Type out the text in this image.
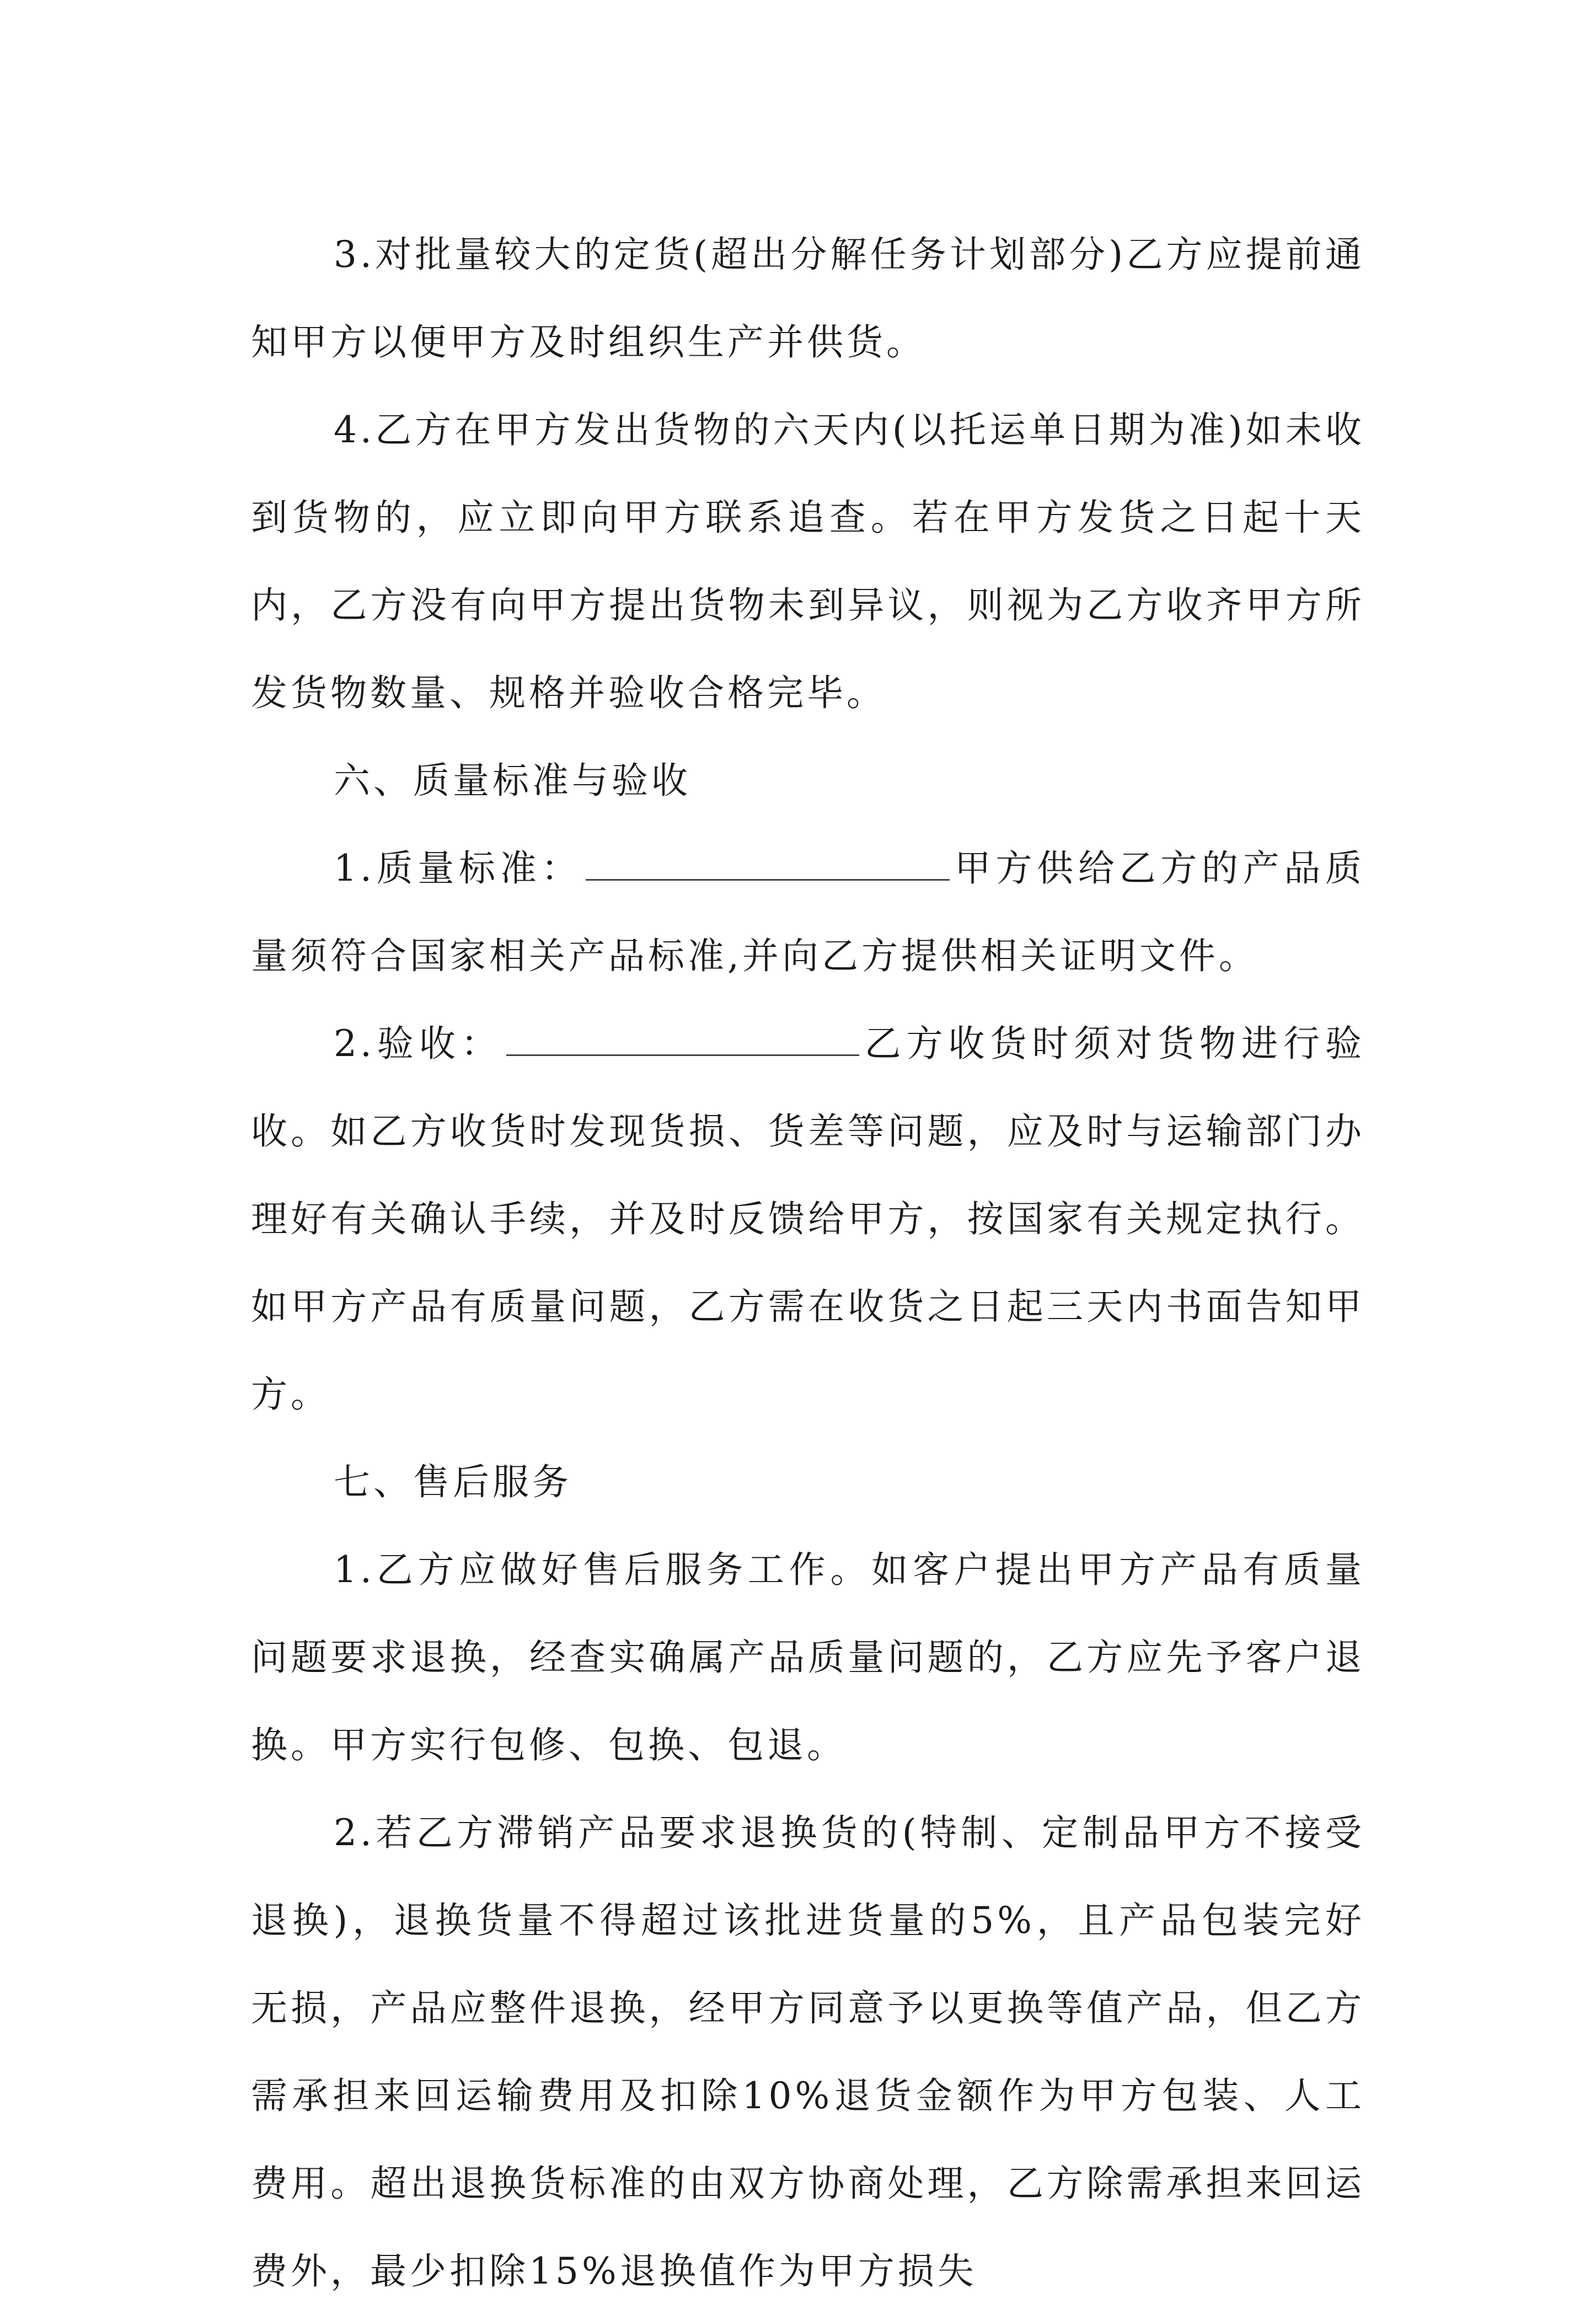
3.对批量较大的定货(超出分解任务计划部分)乙方应提前通知甲方以便甲方及时组织生产并供货。

4.乙方在甲方发出货物的六天内(以托运单日期为准)如未收到货物的，应立即向甲方联系追查。若在甲方发货之日起十天内，乙方没有向甲方提出货物未到异议，则视为乙方收齐甲方所发货物数量、规格并验收合格完毕。

六、质量标准与验收

1.质量标准：	甲方供给乙方的产品质量须符合国家相关产品标准,并向乙方提供相关证明文件。

2.验收：	乙方收货时须对货物进行验收。如乙方收货时发现货损、货差等问题，应及时与运输部门办理好有关确认手续，并及时反馈给甲方，按国家有关规定执行。如甲方产品有质量问题，乙方需在收货之日起三天内书面告知甲方。

七、售后服务

1.乙方应做好售后服务工作。如客户提出甲方产品有质量问题要求退换，经查实确属产品质量问题的，乙方应先予客户退换。甲方实行包修、包换、包退。

2.若乙方滞销产品要求退换货的(特制、定制品甲方不接受退换)，退换货量不得超过该批进货量的5%，且产品包装完好无损，产品应整件退换，经甲方同意予以更换等值产品，但乙方需承担来回运输费用及扣除10%退货金额作为甲方包装、人工费用。超出退换货标准的由双方协商处理，乙方除需承担来回运费外，最少扣除15%退换值作为甲方损失
